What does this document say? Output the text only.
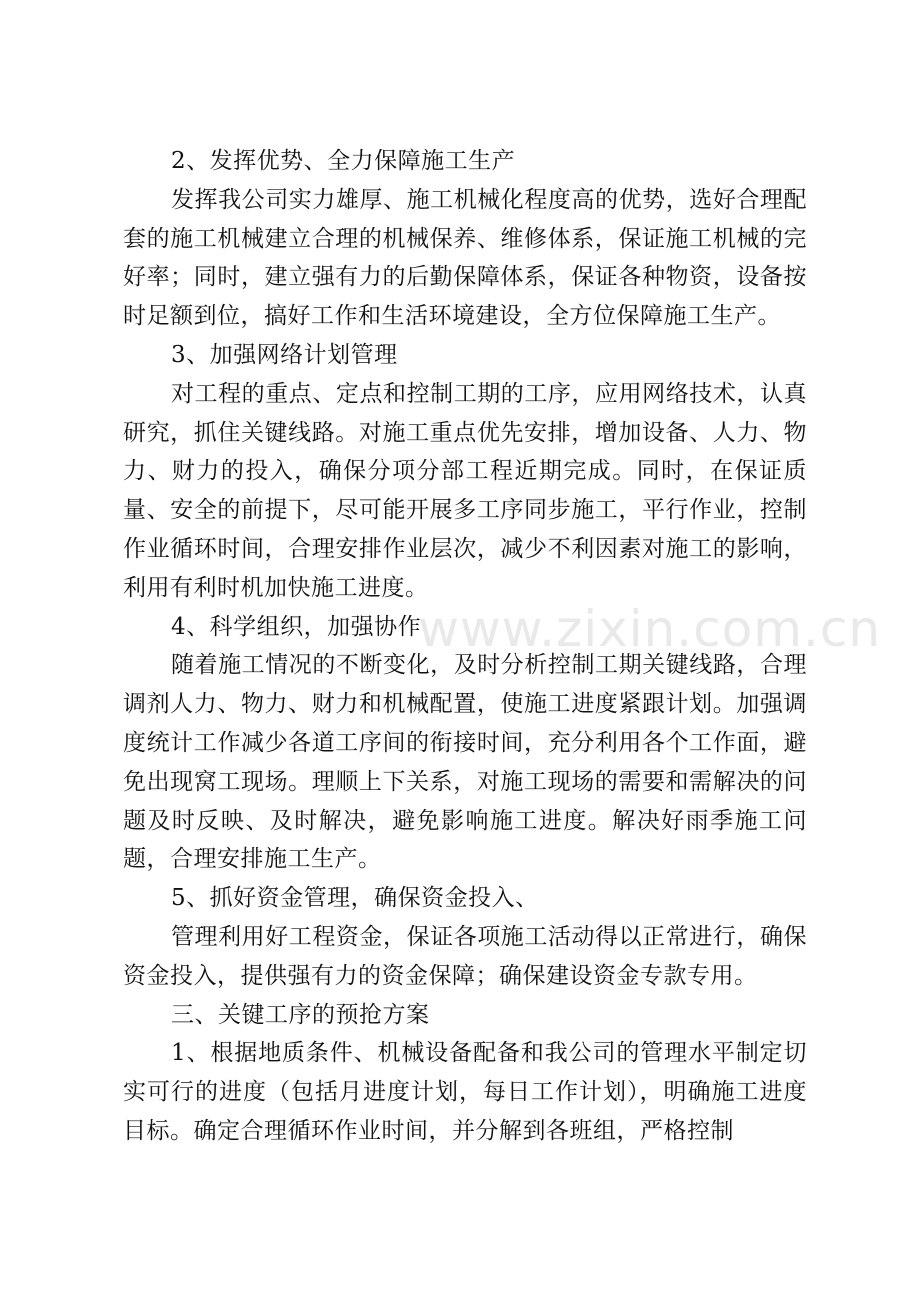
www.zixin.com.cn

2、发挥优势、全力保障施工生产

发挥我公司实力雄厚、施工机械化程度高的优势，选好合理配套的施工机械建立合理的机械保养、维修体系，保证施工机械的完好率；同时，建立强有力的后勤保障体系，保证各种物资，设备按时足额到位，搞好工作和生活环境建设，全方位保障施工生产。

3、加强网络计划管理

对工程的重点、定点和控制工期的工序，应用网络技术，认真研究，抓住关键线路。对施工重点优先安排，增加设备、人力、物力、财力的投入，确保分项分部工程近期完成。同时，在保证质量、安全的前提下，尽可能开展多工序同步施工，平行作业，控制作业循环时间，合理安排作业层次，减少不利因素对施工的影响，利用有利时机加快施工进度。

4、科学组织，加强协作

随着施工情况的不断变化，及时分析控制工期关键线路，合理调剂人力、物力、财力和机械配置，使施工进度紧跟计划。加强调度统计工作减少各道工序间的衔接时间，充分利用各个工作面，避免出现窝工现场。理顺上下关系，对施工现场的需要和需解决的问题及时反映、及时解决，避免影响施工进度。解决好雨季施工问题，合理安排施工生产。

5、抓好资金管理，确保资金投入、

管理利用好工程资金，保证各项施工活动得以正常进行，确保资金投入，提供强有力的资金保障；确保建设资金专款专用。

三、关键工序的预抢方案

1、根据地质条件、机械设备配备和我公司的管理水平制定切实可行的进度（包括月进度计划，每日工作计划），明确施工进度目标。确定合理循环作业时间，并分解到各班组，严格控制
